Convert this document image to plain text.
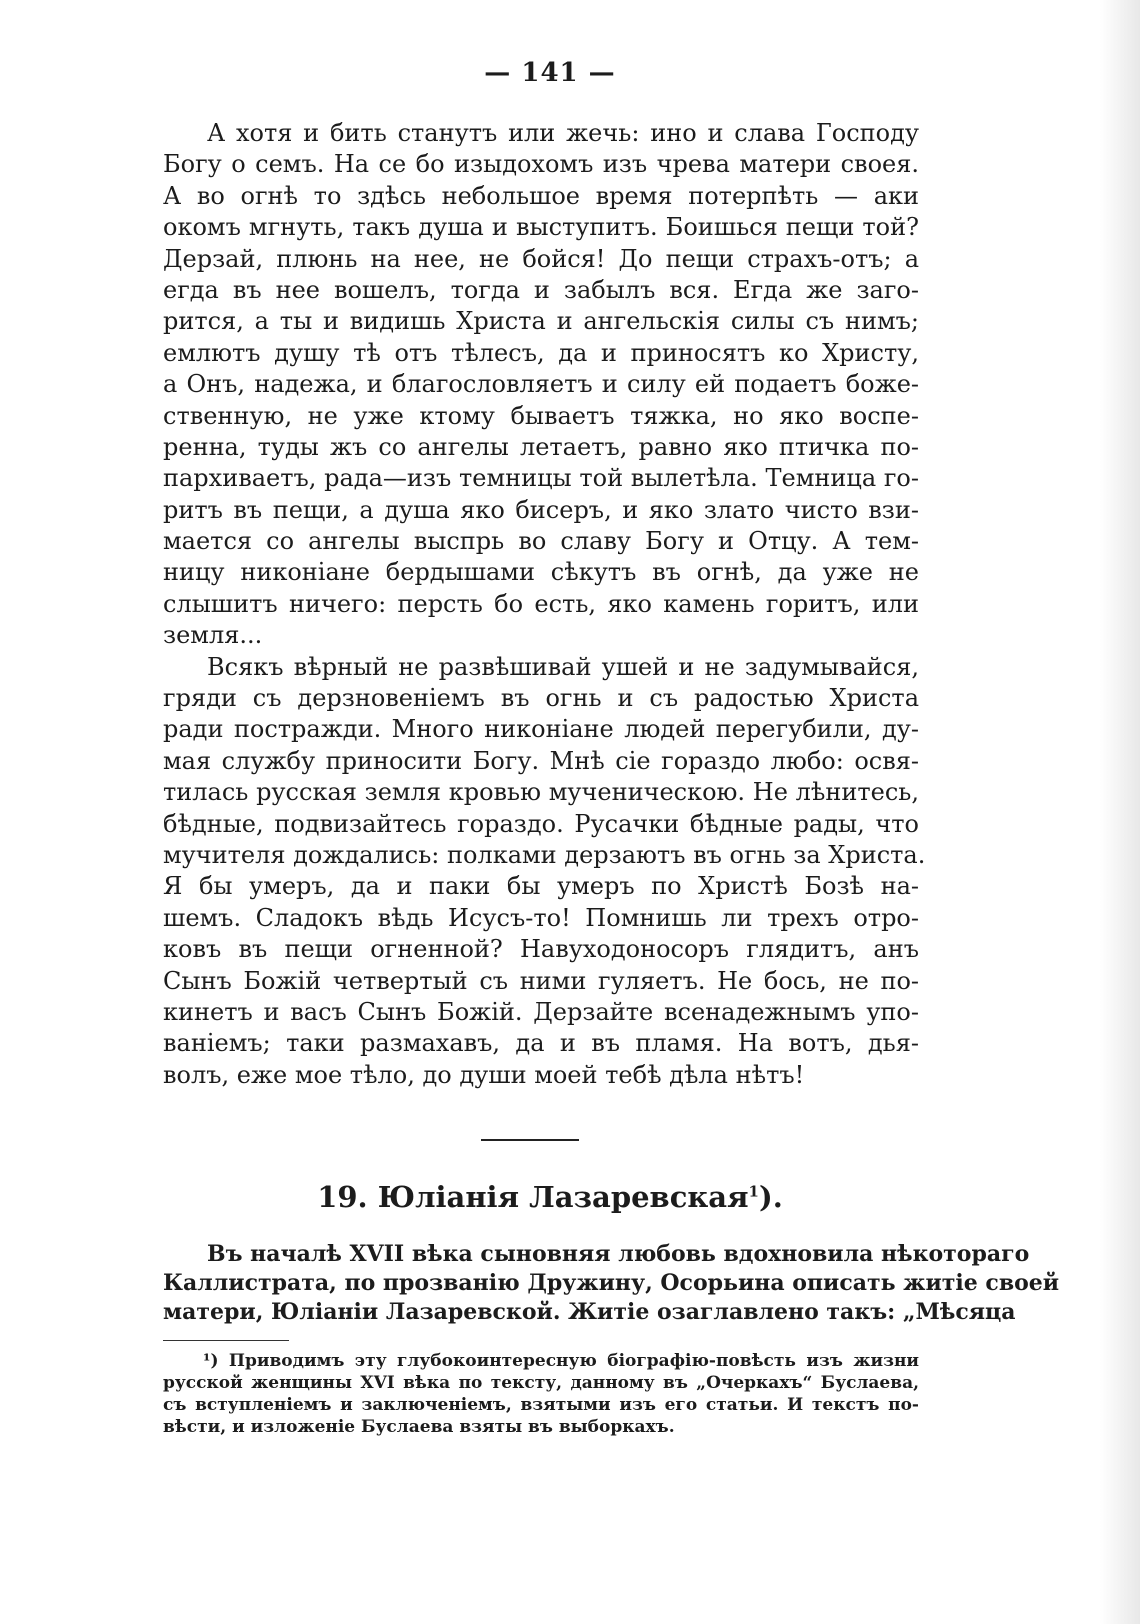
— 141 —
А хотя и бить станутъ или жечь: ино и слава Господу
Богу о семъ. На се бо изыдохомъ изъ чрева матери своея.
А во огнѣ то здѣсь небольшое время потерпѣть — аки
окомъ мгнуть, такъ душа и выступитъ. Боишься пещи той?
Дерзай, плюнь на нее, не бойся! До пещи страхъ-отъ; а
егда въ нее вошелъ, тогда и забылъ вся. Егда же заго-
рится, а ты и видишь Христа и ангельскія силы съ нимъ;
емлютъ душу тѣ отъ тѣлесъ, да и приносятъ ко Христу,
а Онъ, надежа, и благословляетъ и силу ей подаетъ боже-
ственную, не уже ктому бываетъ тяжка, но яко воспе-
ренна, туды жъ со ангелы летаетъ, равно яко птичка по-
пархиваетъ, рада—изъ темницы той вылетѣла. Темница го-
ритъ въ пещи, а душа яко бисеръ, и яко злато чисто взи-
мается со ангелы выспрь во славу Богу и Отцу. А тем-
ницу никоніане бердышами сѣкутъ въ огнѣ, да уже не
слышитъ ничего: персть бо есть, яко камень горитъ, или
земля...
Всякъ вѣрный не развѣшивай ушей и не задумывайся,
гряди съ дерзновеніемъ въ огнь и съ радостью Христа
ради постражди. Много никоніане людей перегубили, ду-
мая службу приносити Богу. Мнѣ сіе гораздо любо: освя-
тилась русская земля кровью мученическою. Не лѣнитесь,
бѣдные, подвизайтесь гораздо. Русачки бѣдные рады, что
мучителя дождались: полками дерзаютъ въ огнь за Христа.
Я бы умеръ, да и паки бы умеръ по Христѣ Бозѣ на-
шемъ. Сладокъ вѣдь Исусъ-то! Помнишь ли трехъ отро-
ковъ въ пещи огненной? Навуходоносоръ глядитъ, анъ
Сынъ Божій четвертый съ ними гуляетъ. Не бось, не по-
кинетъ и васъ Сынъ Божій. Дерзайте всенадежнымъ упо-
ваніемъ; таки размахавъ, да и въ пламя. На вотъ, дья-
волъ, еже мое тѣло, до души моей тебѣ дѣла нѣтъ!
19. Юліанія Лазаревская$^1$).
Въ началѣ XVII вѣка сыновняя любовь вдохновила нѣкотораго
Каллистрата, по прозванію Дружину, Осорьина описать житіе своей
матери, Юліаніи Лазаревской. Житіе озаглавлено такъ: „Мѣсяца
¹) Приводимъ эту глубокоинтересную біографію-повѣсть изъ жизни
русской женщины XVI вѣка по тексту, данному въ „Очеркахъ“ Буслаева,
съ вступленіемъ и заключеніемъ, взятыми изъ его статьи. И текстъ по-
вѣсти, и изложеніе Буслаева взяты въ выборкахъ.
